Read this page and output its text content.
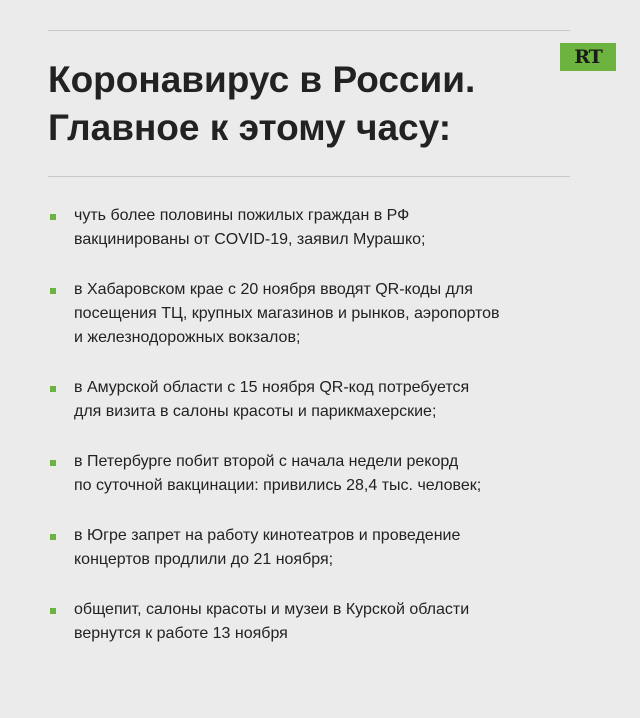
RT
Коронавирус в России.
Главное к этому часу:
чуть более половины пожилых граждан в РФ
вакцинированы от COVID-19, заявил Мурашко;
в Хабаровском крае с 20 ноября вводят QR-коды для
посещения ТЦ, крупных магазинов и рынков, аэропортов
и железнодорожных вокзалов;
в Амурской области с 15 ноября QR-код потребуется
для визита в салоны красоты и парикмахерские;
в Петербурге побит второй с начала недели рекорд
по суточной вакцинации: привились 28,4 тыс. человек;
в Югре запрет на работу кинотеатров и проведение
концертов продлили до 21 ноября;
общепит, салоны красоты и музеи в Курской области
вернутся к работе 13 ноября
